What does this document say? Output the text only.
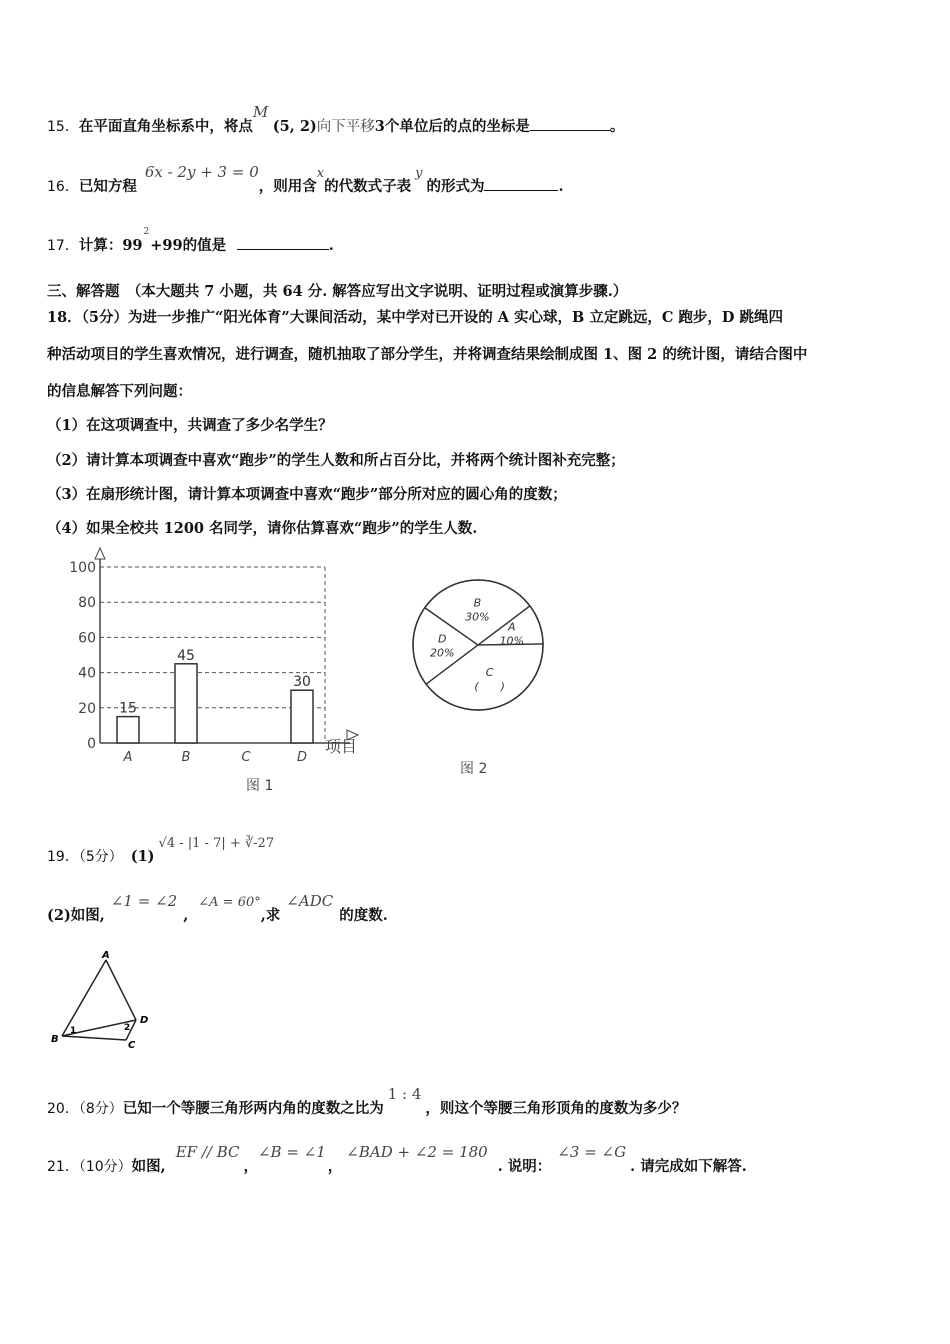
15．在平面直角坐标系中，将点M (5, 2)向下平移3个单位后的点的坐标是	。
16．已知方程6x - 2y + 3 = 0，则用含x的代数式子表y的形式为	.
17．计算：$99^2+99$的值是	.
三、解答题　（本大题共 7 小题，共 64 分. 解答应写出文字说明、证明过程或演算步骤.）
18．（5分）为进一步推广“阳光体育”大课间活动，某中学对已开设的 A 实心球，B 立定跳远，C 跑步，D 跳绳四
种活动项目的学生喜欢情况，进行调查，随机抽取了部分学生，并将调查结果绘制成图 1、图 2 的统计图，请结合图中
的信息解答下列问题：
（1）在这项调查中，共调查了多少名学生？
（2）请计算本项调查中喜欢“跑步”的学生人数和所占百分比，并将两个统计图补充完整；
（3）在扇形统计图，请计算本项调查中喜欢“跑步”部分所对应的圆心角的度数；
（4）如果全校共 1200 名同学，请你估算喜欢“跑步”的学生人数.
0
20
40
60
80
100
A
15
B
45
C	D
30
项目
图 1
B
30%
A
10%
C
(　　)
D
20%
图 2
19．（5分） (1)√4 - |1 - 7| + ∛-27
(2)如图,∠1 = ∠2,∠A = 60°,求∠ADC的度数.
A
B
C
D
1	2
20．（8分）已知一个等腰三角形两内角的度数之比为1 : 4，则这个等腰三角形顶角的度数为多少？
21．（10分）如图,EF // BC，∠B = ∠1，∠BAD + ∠2 = 180. 说明：∠3 = ∠G. 请完成如下解答.
